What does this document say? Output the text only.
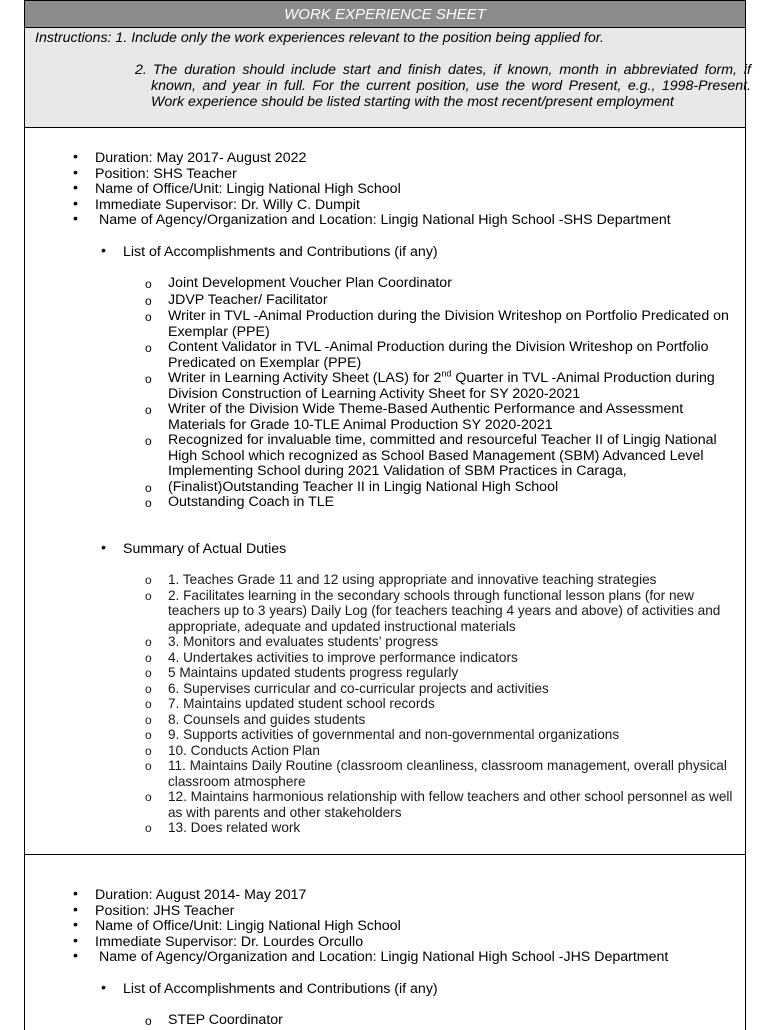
WORK EXPERIENCE SHEET
Instructions: 1. Include only the work experiences relevant to the position being applied for.
2. The duration should include start and finish dates, if known, month in abbreviated form, if known, and year in full. For the current position, use the word Present, e.g., 1998-Present. Work experience should be listed starting with the most recent/present employment
• Duration: May 2017- August 2022
• Position: SHS Teacher
• Name of Office/Unit: Lingig National High School
• Immediate Supervisor: Dr. Willy C. Dumpit
• Name of Agency/Organization and Location: Lingig National High School -SHS Department
• List of Accomplishments and Contributions (if any)
o Joint Development Voucher Plan Coordinator
o JDVP Teacher/ Facilitator
o Writer in TVL -Animal Production during the Division Writeshop on Portfolio Predicated on Exemplar (PPE)
o Content Validator in TVL -Animal Production during the Division Writeshop on Portfolio Predicated on Exemplar (PPE)
o Writer in Learning Activity Sheet (LAS) for 2nd Quarter in TVL -Animal Production during Division Construction of Learning Activity Sheet for SY 2020-2021
o Writer of the Division Wide Theme-Based Authentic Performance and Assessment Materials for Grade 10-TLE Animal Production SY 2020-2021
o Recognized for invaluable time, committed and resourceful Teacher II of Lingig National High School which recognized as School Based Management (SBM) Advanced Level Implementing School during 2021 Validation of SBM Practices in Caraga,
o (Finalist)Outstanding Teacher II in Lingig National High School
o Outstanding Coach in TLE
• Summary of Actual Duties
o 1. Teaches Grade 11 and 12 using appropriate and innovative teaching strategies
o 2. Facilitates learning in the secondary schools through functional lesson plans (for new teachers up to 3 years) Daily Log (for teachers teaching 4 years and above) of activities and appropriate, adequate and updated instructional materials
o 3. Monitors and evaluates students' progress
o 4. Undertakes activities to improve performance indicators
o 5 Maintains updated students progress regularly
o 6. Supervises curricular and co-curricular projects and activities
o 7. Maintains updated student school records
o 8. Counsels and guides students
o 9. Supports activities of governmental and non-governmental organizations
o 10. Conducts Action Plan
o 11. Maintains Daily Routine (classroom cleanliness, classroom management, overall physical classroom atmosphere
o 12. Maintains harmonious relationship with fellow teachers and other school personnel as well as with parents and other stakeholders
o 13. Does related work
• Duration: August 2014- May 2017
• Position: JHS Teacher
• Name of Office/Unit: Lingig National High School
• Immediate Supervisor: Dr. Lourdes Orcullo
• Name of Agency/Organization and Location: Lingig National High School -JHS Department
• List of Accomplishments and Contributions (if any)
o STEP Coordinator
